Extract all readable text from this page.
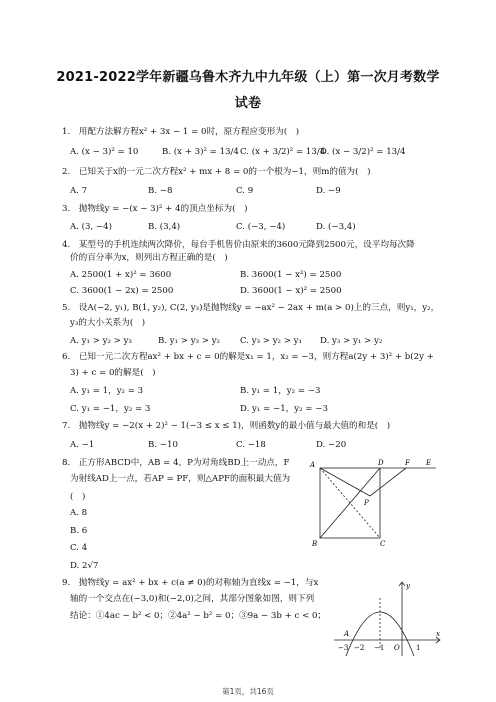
2021-2022学年新疆乌鲁木齐九中九年级（上）第一次月考数学
试卷
1.　用配方法解方程x² + 3x − 1 = 0时，原方程应变形为(　)
A. (x − 3)² = 10	B. (x + 3)² = 13/4 C. (x + 3/2)² = 13/4
D. (x − 3/2)² = 13/4
2.　已知关于x的一元二次方程x² + mx + 8 = 0的一个根为−1，则m的值为(　)
A. 7	B. −8	C. 9	D. −9
3.　抛物线y = −(x − 3)² + 4的顶点坐标为(　)
A. (3, −4)	B. (3,4)	C. (−3, −4)	D. (−3,4)
4.　某型号的手机连续两次降价，每台手机售价由原来的3600元降到2500元，设平均每次降
价的百分率为x，则列出方程正确的是(　)
A. 2500(1 + x)² = 3600	B. 3600(1 − x²) = 2500
C. 3600(1 − 2x) = 2500	D. 3600(1 − x)² = 2500
5.　设A(−2, y₁), B(1, y₂), C(2, y₃)是抛物线y = −ax² − 2ax + m(a > 0)上的三点，则y₁，y₂，
y₃的大小关系为(　)
A. y₁ > y₂ > y₃	B. y₁ > y₃ > y₂ C. y₃ > y₂ > y₁ D. y₃ > y₁ > y₂
6.　已知一元二次方程ax² + bx + c = 0的解是x₁ = 1，x₂ = −3，则方程a(2y + 3)² + b(2y +
3) + c = 0的解是(　)
A. y₁ = 1，y₂ = 3	B. y₁ = 1，y₂ = −3
C. y₁ = −1，y₂ = 3	D. y₁ = −1，y₂ = −3
7.　抛物线y = −2(x + 2)² − 1(−3 ≤ x ≤ 1)，则函数y的最小值与最大值的和是(　)
A. −1	B. −10	C. −18	D. −20
8.　正方形ABCD中，AB = 4，P为对角线BD上一动点，F
为射线AD上一点，若AP = PF，则△APF的面积最大值为
(　)
A. 8
B. 6
C. 4
D. 2√7
A	D	F E
P
B	C
9.　抛物线y = ax² + bx + c(a ≠ 0)的对称轴为直线x = −1，与x
轴的一个交点在(−3,0)和(−2,0)之间，其部分图象如图，则下列
结论：①4ac − b² < 0；②4a² − b² = 0；③9a − 3b + c < 0；
y
A
−3 −2 −1 O 1
x
第1页，共16页
